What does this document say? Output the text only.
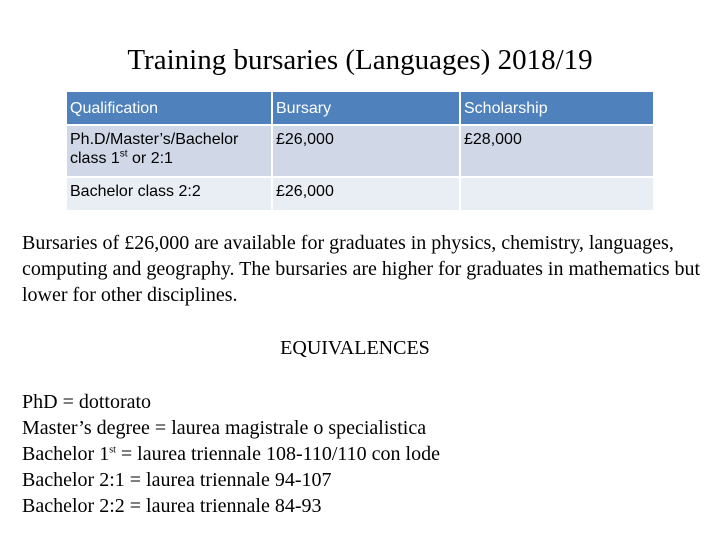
Training bursaries (Languages) 2018/19
Qualification	Bursary	Scholarship
Ph.D/Master’s/Bachelor class 1st or 2:1	£26,000	£28,000
Bachelor class 2:2	£26,000	
Bursaries of £26,000 are available for graduates in physics, chemistry, languages, computing and geography. The bursaries are higher for graduates in mathematics but lower for other disciplines.
EQUIVALENCES
PhD = dottorato
Master’s degree = laurea magistrale o specialistica
Bachelor 1st = laurea triennale 108-110/110 con lode
Bachelor 2:1 = laurea triennale 94-107
Bachelor 2:2 = laurea triennale 84-93
